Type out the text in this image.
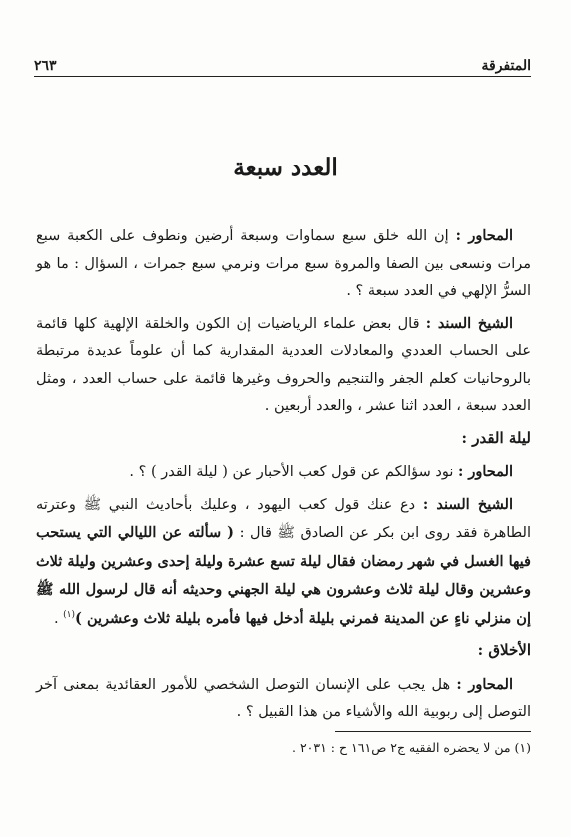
المتفرقة
٢٦٣
العدد سبعة

المحاور : إن الله خلق سبع سماوات وسبعة أرضين ونطوف على الكعبة سبع مرات ونسعى بين الصفا والمروة سبع مرات ونرمي سبع جمرات ، السؤال : ما هو السرُّ الإلهي في العدد سبعة ؟ .

الشيخ السند : قال بعض علماء الرياضيات إن الكون والخلقة الإلهية كلها قائمة على الحساب العددي والمعادلات العددية المقدارية كما أن علوماً عديدة مرتبطة بالروحانيات كعلم الجفر والتنجيم والحروف وغيرها قائمة على حساب العدد ، ومثل العدد سبعة ، العدد اثنا عشر ، والعدد أربعين .

ليلة القدر :

المحاور : نود سؤالكم عن قول كعب الأحبار عن ( ليلة القدر ) ؟ .

الشيخ السند : دع عنك قول كعب اليهود ، وعليك بأحاديث النبي ﷺ وعترته الطاهرة فقد روى ابن بكر عن الصادق ﷺ قال : ( سألته عن الليالي التي يستحب فيها الغسل في شهر رمضان فقال ليلة تسع عشرة وليلة إحدى وعشرين وليلة ثلاث وعشرين وقال ليلة ثلاث وعشرون هي ليلة الجهني وحديثه أنه قال لرسول الله ﷺ إن منزلي ناءٍ عن المدينة فمرني بليلة أدخل فيها فأمره بليلة ثلاث وعشرين )$^{(١)}$ .

الأخلاق :

المحاور : هل يجب على الإنسان التوصل الشخصي للأمور العقائدية بمعنى آخر التوصل إلى ربوبية الله والأشياء من هذا القبيل ؟ .

(١) من لا يحضره الفقيه ج٢ ص١٦١ ح : ٢٠٣١ .
